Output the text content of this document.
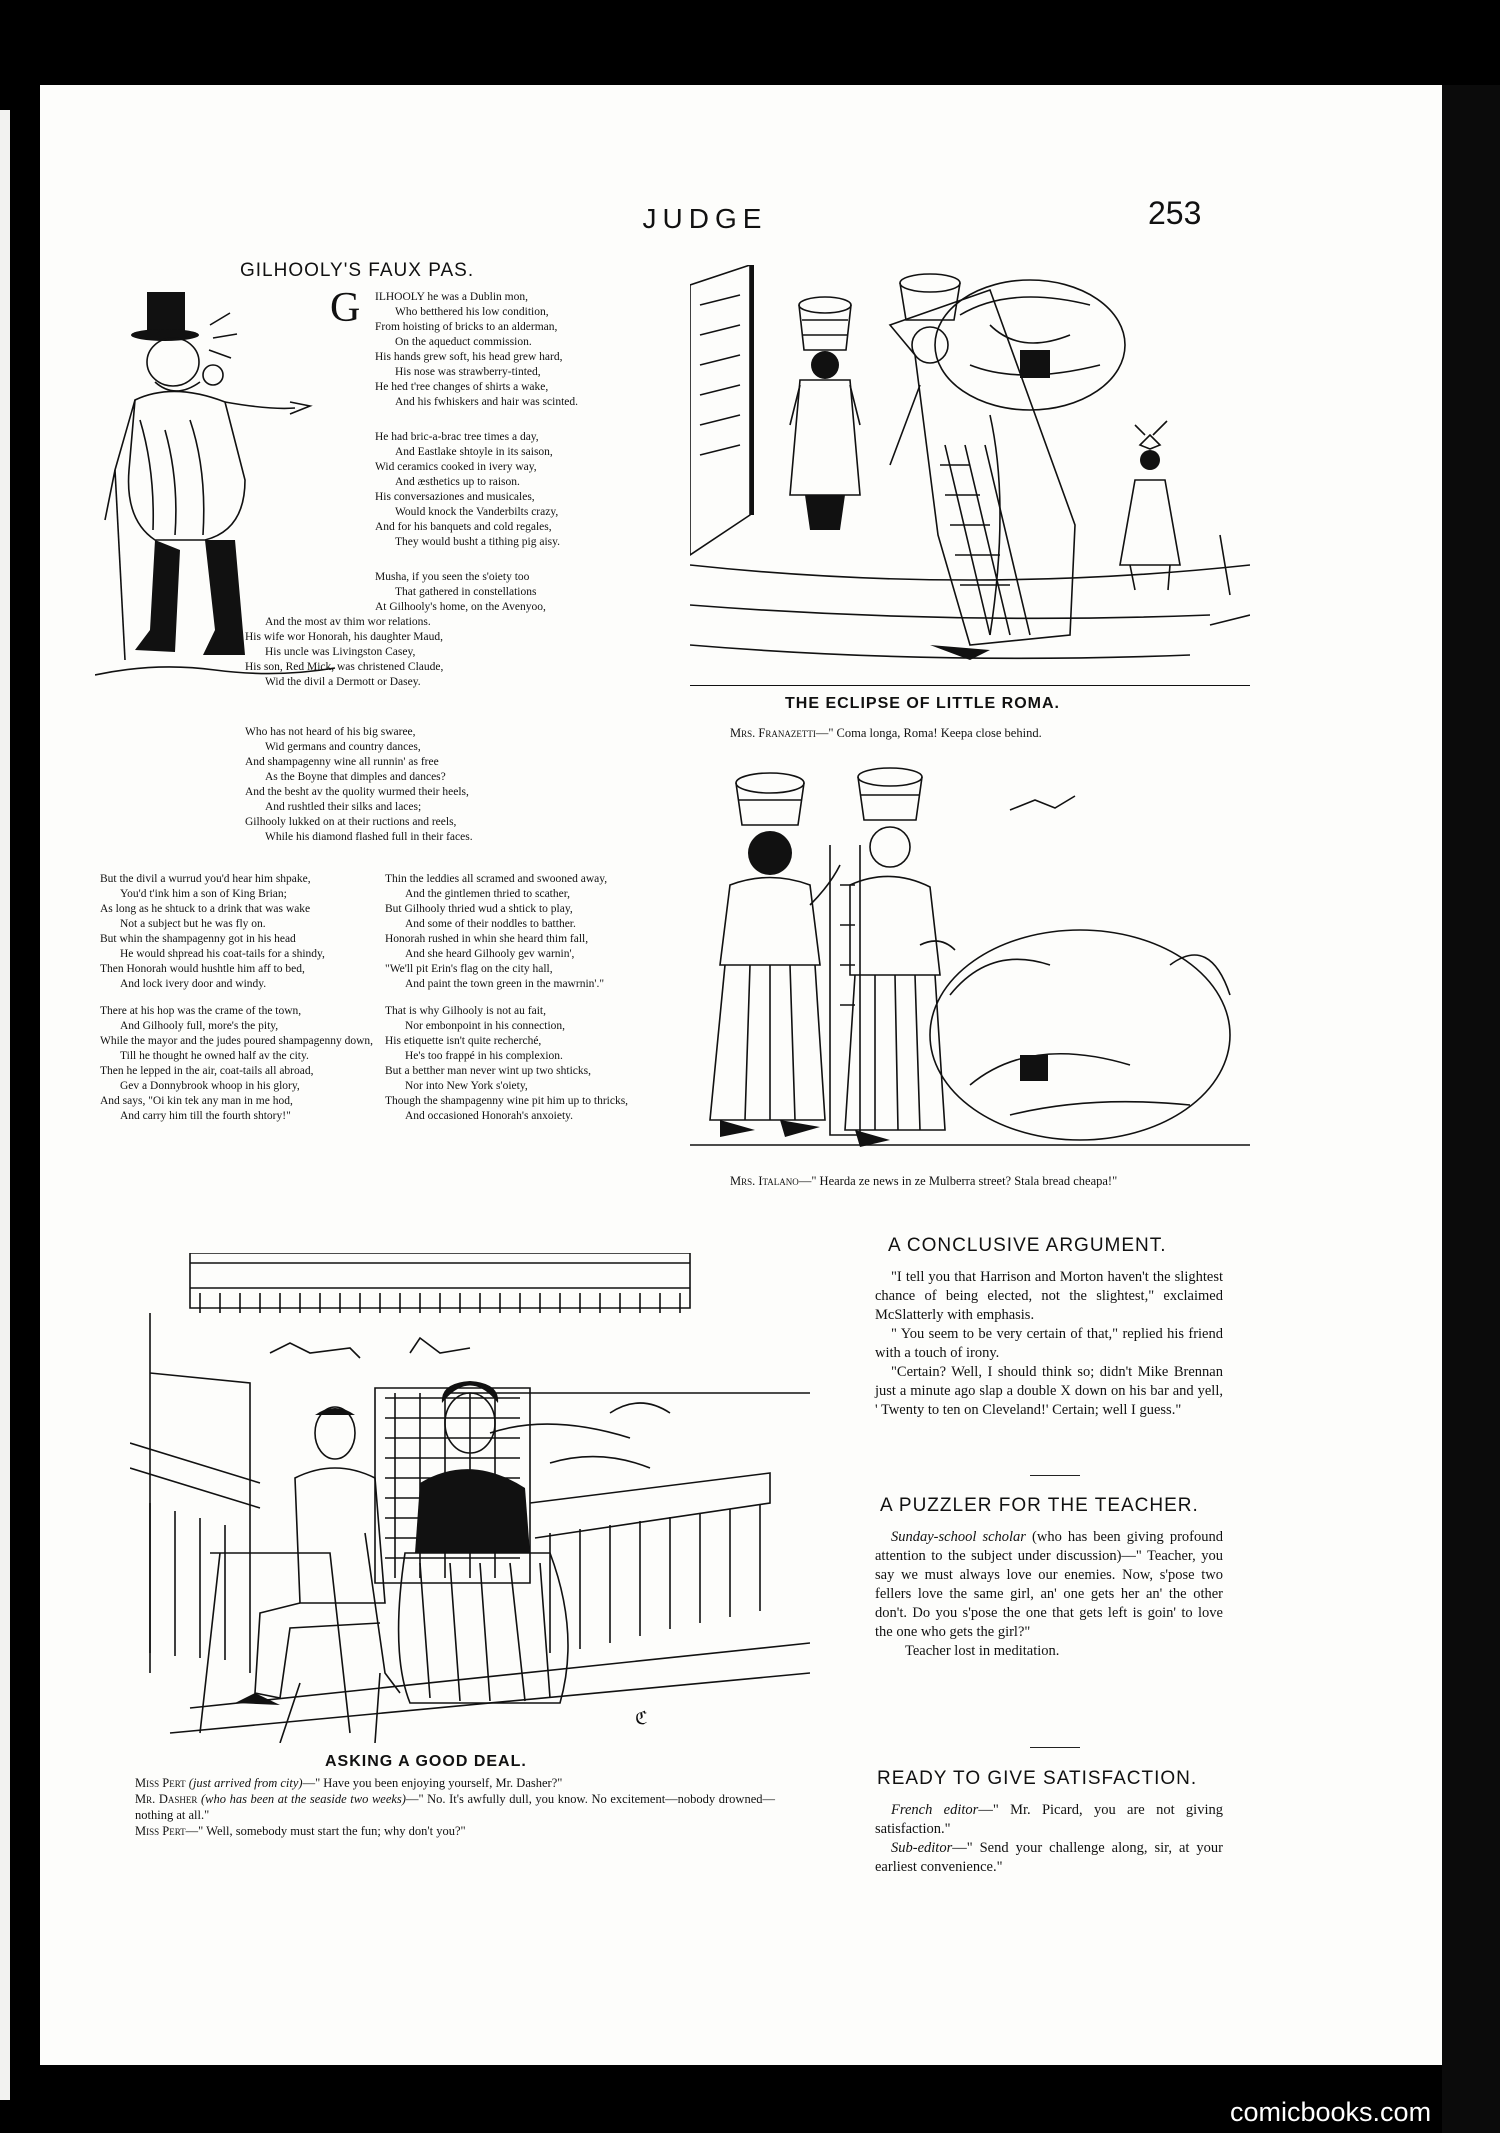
JUDGE	253
GILHOOLY'S FAUX PAS.
G ILHOOLY he was a Dublin mon,

Who betthered his low condition,

From hoisting of bricks to an alderman,

On the aqueduct commission.

His hands grew soft, his head grew hard,

His nose was strawberry-tinted,

He hed t'ree changes of shirts a wake,

And his fwhiskers and hair was scinted.

He had bric-a-brac tree times a day,

And Eastlake shtoyle in its saison,

Wid ceramics cooked in ivery way,

And æsthetics up to raison.

His conversaziones and musicales,

Would knock the Vanderbilts crazy,

And for his banquets and cold regales,

They would busht a tithing pig aisy.

Musha, if you seen the s'oiety too

That gathered in constellations

At Gilhooly's home, on the Avenyoo,

And the most av thim wor relations.

His wife wor Honorah, his daughter Maud,

His uncle was Livingston Casey,

His son, Red Mick, was christened Claude,

Wid the divil a Dermott or Dasey.

Who has not heard of his big swaree,

Wid germans and country dances,

And shampagenny wine all runnin' as free

As the Boyne that dimples and dances?

And the besht av the quolity wurmed their heels,

And rushtled their silks and laces;

Gilhooly lukked on at their ructions and reels,

While his diamond flashed full in their faces.

But the divil a wurrud you'd hear him shpake,

You'd t'ink him a son of King Brian;

As long as he shtuck to a drink that was wake

Not a subject but he was fly on.

But whin the shampagenny got in his head

He would shpread his coat-tails for a shindy,

Then Honorah would hushtle him aff to bed,

And lock ivery door and windy.

There at his hop was the crame of the town,

And Gilhooly full, more's the pity,

While the mayor and the judes poured shampagenny down,

Till he thought he owned half av the city.

Then he lepped in the air, coat-tails all abroad,

Gev a Donnybrook whoop in his glory,

And says, "Oi kin tek any man in me hod,

And carry him till the fourth shtory!"

Thin the leddies all scramed and swooned away,

And the gintlemen thried to scather,

But Gilhooly thried wud a shtick to play,

And some of their noddles to batther.

Honorah rushed in whin she heard thim fall,

And she heard Gilhooly gev warnin',

"We'll pit Erin's flag on the city hall,

And paint the town green in the mawrnin'."

That is why Gilhooly is not au fait,

Nor embonpoint in his connection,

His etiquette isn't quite recherché,

He's too frappé in his complexion.

But a betther man never wint up two shticks,

Nor into New York s'oiety,

Though the shampagenny wine pit him up to thricks,

And occasioned Honorah's anxoiety.

THE ECLIPSE OF LITTLE ROMA.
Mrs. Franazetti—" Coma longa, Roma! Keepa close behind.
Mrs. Italano—" Hearda ze news in ze Mulberra street? Stala bread cheapa!"
ℭ
ASKING A GOOD DEAL.
Miss Pert (just arrived from city)—" Have you been enjoying yourself, Mr. Dasher?"
Mr. Dasher (who has been at the seaside two weeks)—" No. It's awfully dull, you know. No excitement—nobody drowned—nothing at all."
Miss Pert—" Well, somebody must start the fun; why don't you?"
A CONCLUSIVE ARGUMENT.

"I tell you that Harrison and Morton haven't the slightest chance of being elected, not the slightest," exclaimed McSlatterly with emphasis.

" You seem to be very certain of that," replied his friend with a touch of irony.

"Certain? Well, I should think so; didn't Mike Brennan just a minute ago slap a double X down on his bar and yell, ' Twenty to ten on Cleveland!' Certain; well I guess."

A PUZZLER FOR THE TEACHER.

Sunday-school scholar (who has been giving profound attention to the subject under discussion)—" Teacher, you say we must always love our enemies. Now, s'pose two fellers love the same girl, an' one gets her an' the other don't. Do you s'pose the one that gets left is goin' to love the one who gets the girl?"

Teacher lost in meditation.

READY TO GIVE SATISFACTION.

French editor—" Mr. Picard, you are not giving satisfaction."

Sub-editor—" Send your challenge along, sir, at your earliest convenience."

comicbooks.com
